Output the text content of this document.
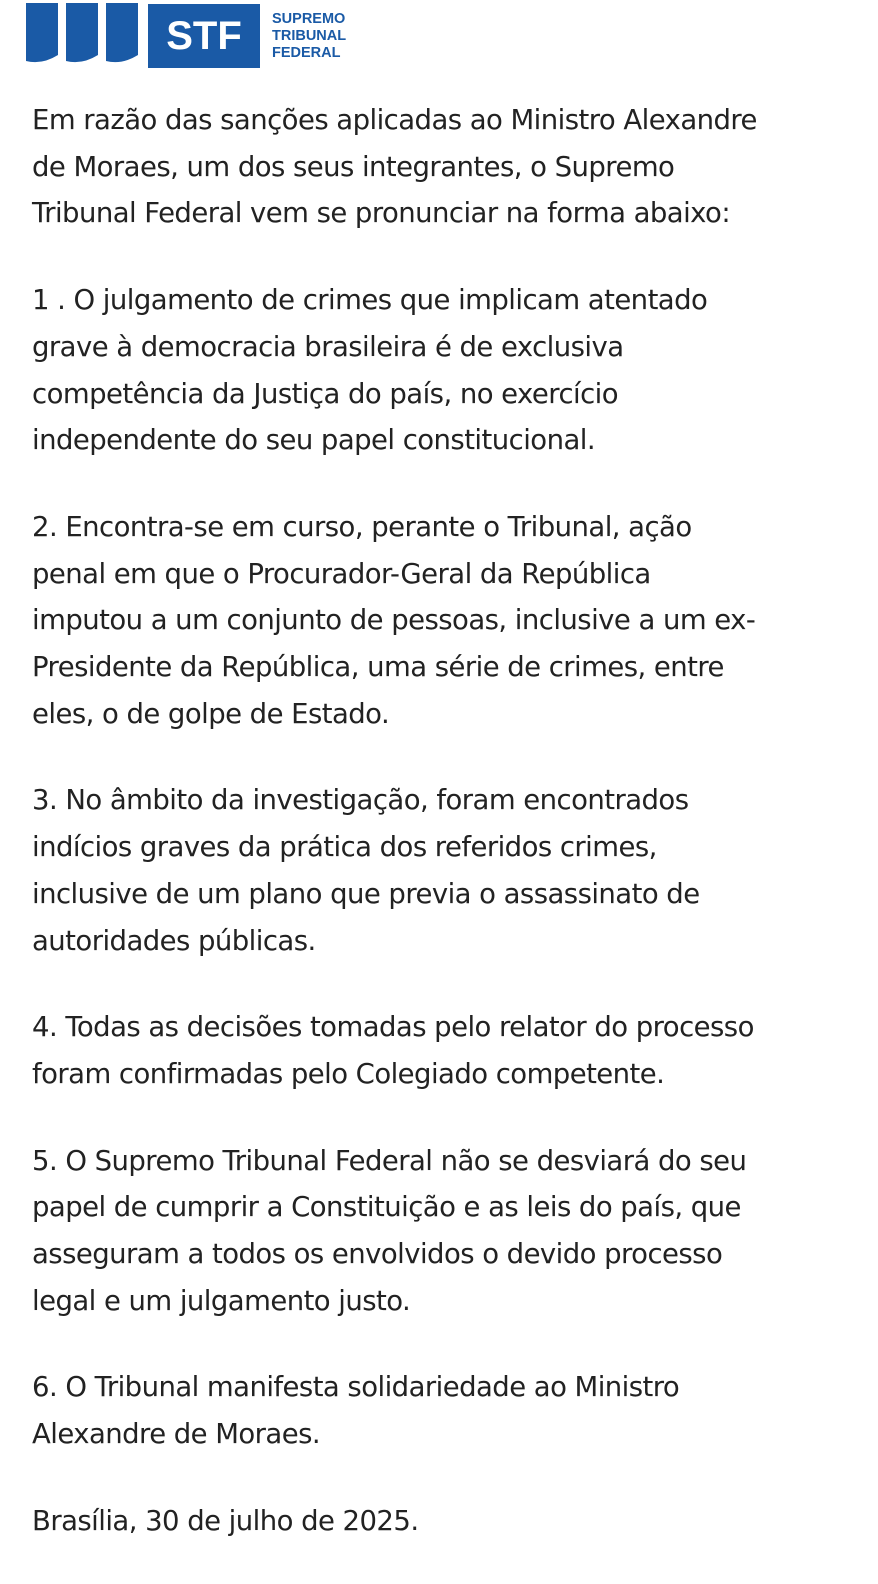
STF SUPREMO
TRIBUNAL
FEDERAL

Em razão das sanções aplicadas ao Ministro Alexandre
de Moraes, um dos seus integrantes, o Supremo
Tribunal Federal vem se pronunciar na forma abaixo:

1 . O julgamento de crimes que implicam atentado
grave à democracia brasileira é de exclusiva
competência da Justiça do país, no exercício
independente do seu papel constitucional.

2. Encontra-se em curso, perante o Tribunal, ação
penal em que o Procurador-Geral da República
imputou a um conjunto de pessoas, inclusive a um ex-
Presidente da República, uma série de crimes, entre
eles, o de golpe de Estado.

3. No âmbito da investigação, foram encontrados
indícios graves da prática dos referidos crimes,
inclusive de um plano que previa o assassinato de
autoridades públicas.

4. Todas as decisões tomadas pelo relator do processo
foram confirmadas pelo Colegiado competente.

5. O Supremo Tribunal Federal não se desviará do seu
papel de cumprir a Constituição e as leis do país, que
asseguram a todos os envolvidos o devido processo
legal e um julgamento justo.

6. O Tribunal manifesta solidariedade ao Ministro
Alexandre de Moraes.

Brasília, 30 de julho de 2025.
